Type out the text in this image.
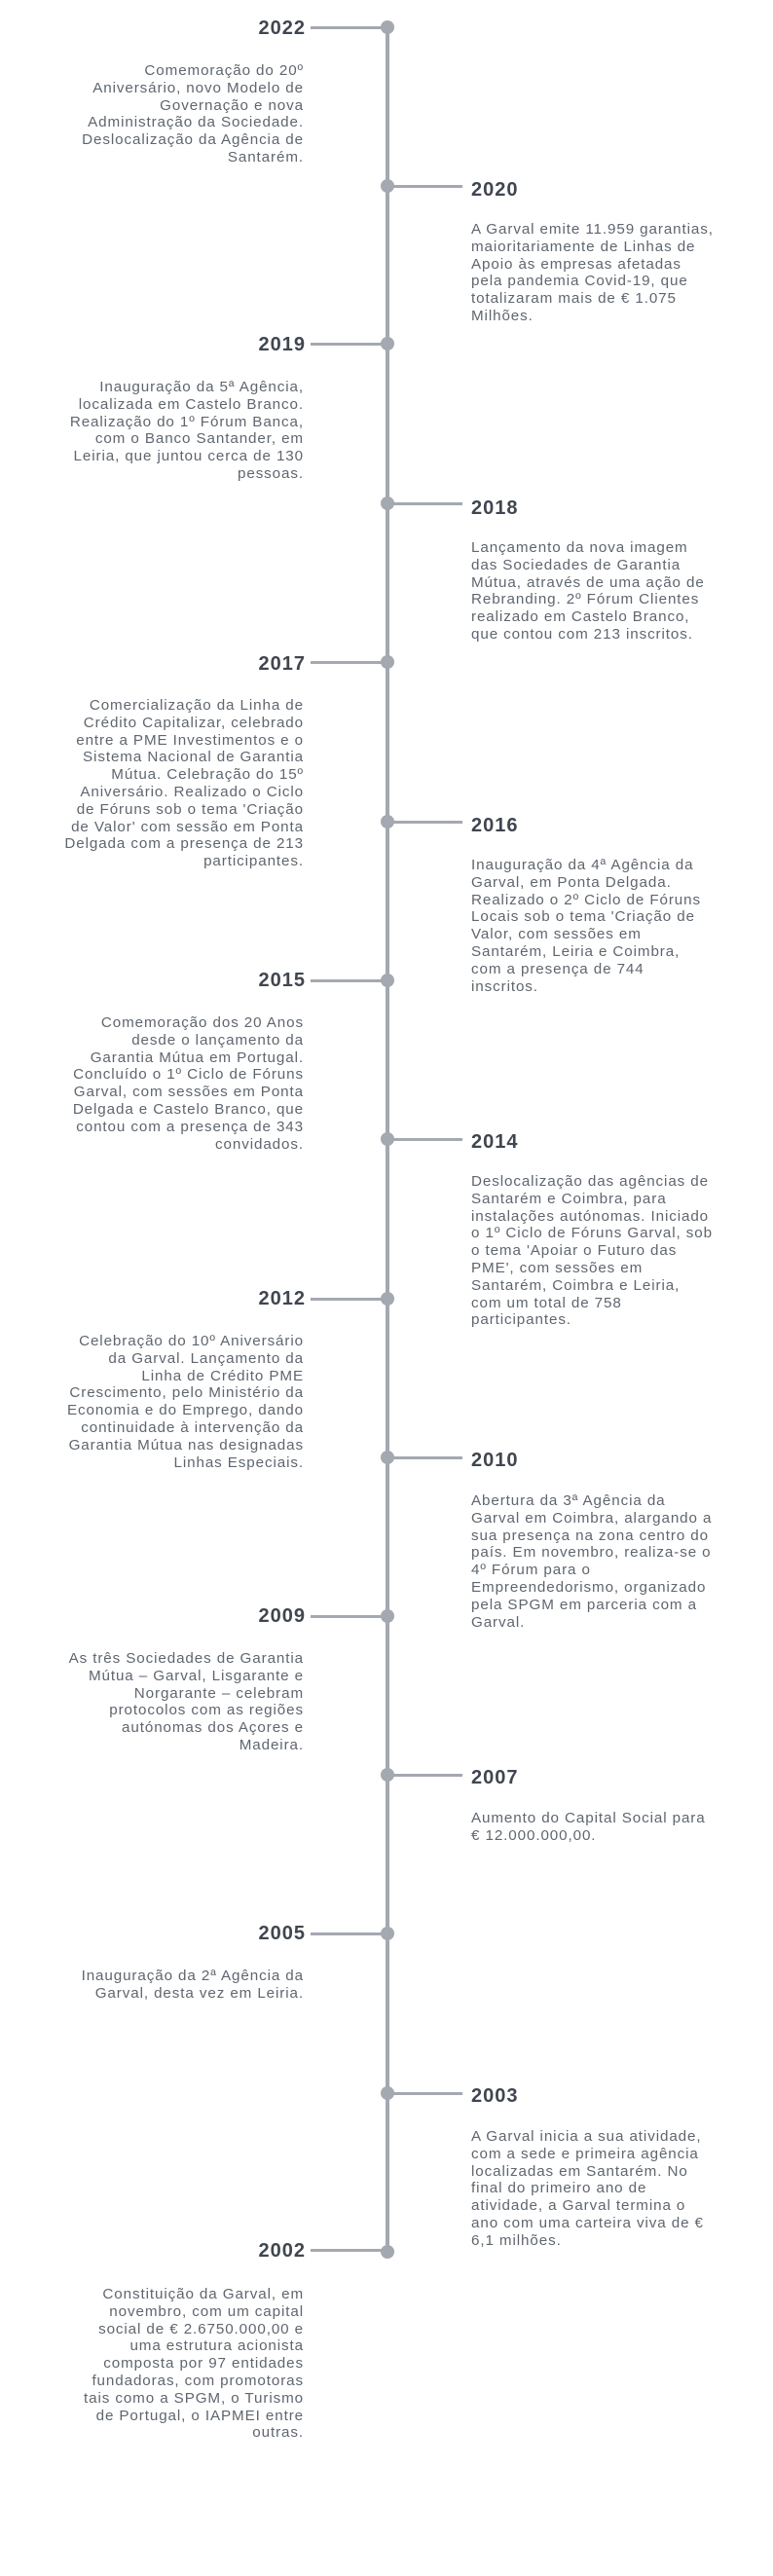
2022
Comemoração do 20º Aniversário, novo Modelo de Governação e nova Administração da Sociedade. Deslocalização da Agência de Santarém.
2020
A Garval emite 11.959 garantias, maioritariamente de Linhas de Apoio às empresas afetadas pela pandemia Covid-19, que totalizaram mais de € 1.075 Milhões.
2019
Inauguração da 5ª Agência, localizada em Castelo Branco. Realização do 1º Fórum Banca, com o Banco Santander, em Leiria, que juntou cerca de 130 pessoas.
2018
Lançamento da nova imagem das Sociedades de Garantia Mútua, através de uma ação de Rebranding. 2º Fórum Clientes realizado em Castelo Branco, que contou com 213 inscritos.
2017
Comercialização da Linha de Crédito Capitalizar, celebrado entre a PME Investimentos e o Sistema Nacional de Garantia Mútua. Celebração do 15º Aniversário. Realizado o Ciclo de Fóruns sob o tema 'Criação de Valor' com sessão em Ponta Delgada com a presença de 213 participantes.
2016
Inauguração da 4ª Agência da Garval, em Ponta Delgada. Realizado o 2º Ciclo de Fóruns Locais sob o tema 'Criação de Valor, com sessões em Santarém, Leiria e Coimbra, com a presença de 744 inscritos.
2015
Comemoração dos 20 Anos desde o lançamento da Garantia Mútua em Portugal. Concluído o 1º Ciclo de Fóruns Garval, com sessões em Ponta Delgada e Castelo Branco, que contou com a presença de 343 convidados.	2014
Deslocalização das agências de Santarém e Coimbra, para instalações autónomas. Iniciado o 1º Ciclo de Fóruns Garval, sob o tema 'Apoiar o Futuro das PME', com sessões em Santarém, Coimbra e Leiria, com um total de 758 participantes.
2012
Celebração do 10º Aniversário da Garval. Lançamento da Linha de Crédito PME Crescimento, pelo Ministério da Economia e do Emprego, dando continuidade à intervenção da Garantia Mútua nas designadas Linhas Especiais.	2010
Abertura da 3ª Agência da Garval em Coimbra, alargando a sua presença na zona centro do país. Em novembro, realiza-se o 4º Fórum para o Empreendedorismo, organizado pela SPGM em parceria com a Garval.
2009
As três Sociedades de Garantia Mútua – Garval, Lisgarante e Norgarante – celebram protocolos com as regiões autónomas dos Açores e Madeira.
2007
Aumento do Capital Social para € 12.000.000,00.
2005
Inauguração da 2ª Agência da Garval, desta vez em Leiria.
2003
A Garval inicia a sua atividade, com a sede e primeira agência localizadas em Santarém. No final do primeiro ano de atividade, a Garval termina o ano com uma carteira viva de € 6,1 milhões.
2002
Constituição da Garval, em novembro, com um capital social de € 2.6750.000,00 e uma estrutura acionista composta por 97 entidades fundadoras, com promotoras tais como a SPGM, o Turismo de Portugal, o IAPMEI entre outras.
